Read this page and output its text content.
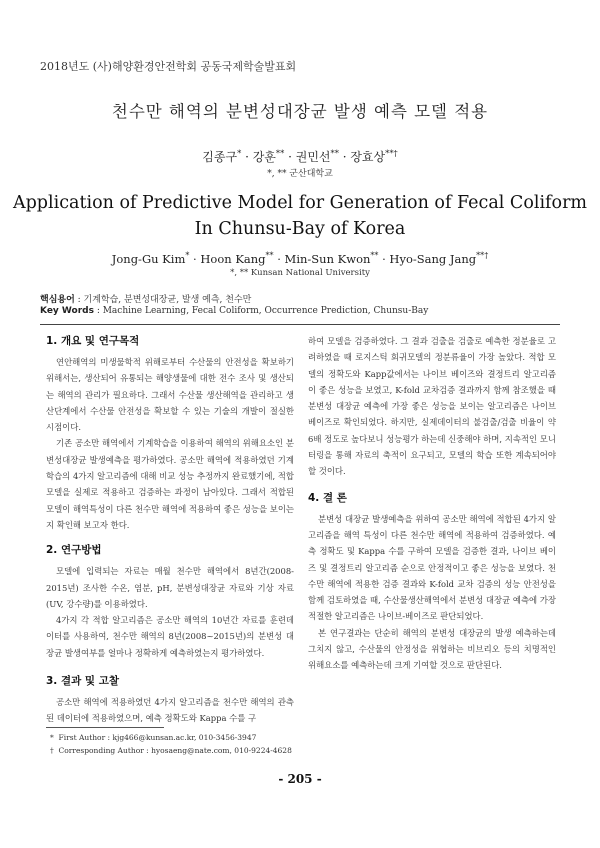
2018년도 (사)해양환경안전학회 공동국제학술발표회
천수만 해역의 분변성대장균 발생 예측 모델 적용
김종구* · 강훈** · 권민선** · 장효상**†
*, ** 군산대학교
Application of Predictive Model for Generation of Fecal Coliform
In Chunsu-Bay of Korea
Jong-Gu Kim* · Hoon Kang** · Min-Sun Kwon** · Hyo-Sang Jang**†
*, ** Kunsan National University
핵심용어 : 기계학습, 분변성대장균, 발생 예측, 천수만
Key Words : Machine Learning, Fecal Coliform, Occurrence Prediction, Chunsu-Bay
1. 개요 및 연구목적

연안해역의 미생물학적 위해로부터 수산물의 안전성을 확보하기 위해서는, 생산되어 유통되는 해양생물에 대한 전수 조사 및 생산되는 해역의 관리가 필요하다. 그래서 수산물 생산해역을 관리하고 생산단계에서 수산물 안전성을 확보할 수 있는 기술의 개발이 절실한 시점이다.

기존 공소만 해역에서 기계학습을 이용하여 해역의 위해요소인 분변성대장균 발생예측을 평가하였다. 공소만 해역에 적용하였던 기계학습의 4가지 알고리즘에 대해 비교 성능 추정까지 완료했기에, 적합 모델을 실제로 적용하고 검증하는 과정이 남아있다. 그래서 적합된 모델이 해역특성이 다른 천수만 해역에 적용하여 좋은 성능을 보이는지 확인해 보고자 한다.

2. 연구방법

모델에 입력되는 자료는 매월 천수만 해역에서 8년간(2008-2015년) 조사한 수온, 염분, pH, 분변성대장균 자료와 기상 자료(UV, 강수량)를 이용하였다.

4가지 각 적합 알고리즘은 공소만 해역의 10년간 자료를 훈련데이터를 사용하여, 천수만 해역의 8년(2008~2015년)의 분변성 대장균 발생여부를 얼마나 정확하게 예측하였는지 평가하였다.

3. 결과 및 고찰

공소만 해역에 적용하였던 4가지 알고리즘을 천수만 해역의 관측된 데이터에 적용하였으며, 예측 정확도와 Kappa 수를 구

하여 모델을 검증하였다. 그 결과 검출을 검출로 예측한 정분율로 고려하였을 때 로지스틱 회귀모델의 정분류율이 가장 높았다. 적합 모델의 정확도와 Kapp값에서는 나이브 베이즈와 결정트리 알고리즘이 좋은 성능을 보였고, K-fold 교차검증 결과까지 함께 참조했을 때 분변성 대장균 예측에 가장 좋은 성능을 보이는 알고리즘은 나이브 베이즈로 확인되었다. 하지만, 실제데이터의 불검출/검출 비율이 약 6배 정도로 높다보니 성능평가 하는데 신중해야 하며, 지속적인 모니터링을 통해 자료의 축적이 요구되고, 모델의 학습 또한 계속되어야 할 것이다.

4. 결 론

분변성 대장균 발생예측을 위하여 공소만 해역에 적합된 4가지 알고리즘을 해역 특성이 다른 천수만 해역에 적용하여 검증하였다. 예측 정확도 및 Kappa 수를 구하여 모델을 검증한 결과, 나이브 베이즈 및 결정트리 알고리즘 순으로 안정적이고 좋은 성능을 보였다. 천수만 해역에 적용한 검증 결과와 K-fold 교차 검증의 성능 안전성을 함께 검토하였을 때, 수산물생산해역에서 분변성 대장균 예측에 가장 적절한 알고리즘은 나이브-베이즈로 판단되었다.

본 연구결과는 단순히 해역의 분변성 대장균의 발생 예측하는데 그치지 않고, 수산물의 안정성을 위협하는 비브리오 등의 치명적인 위해요소를 예측하는데 크게 기여할 것으로 판단된다.

* First Author : kjg466@kunsan.ac.kr, 010-3456-3947
† Corresponding Author : hyosaeng@nate.com, 010-9224-4628
- 205 -
